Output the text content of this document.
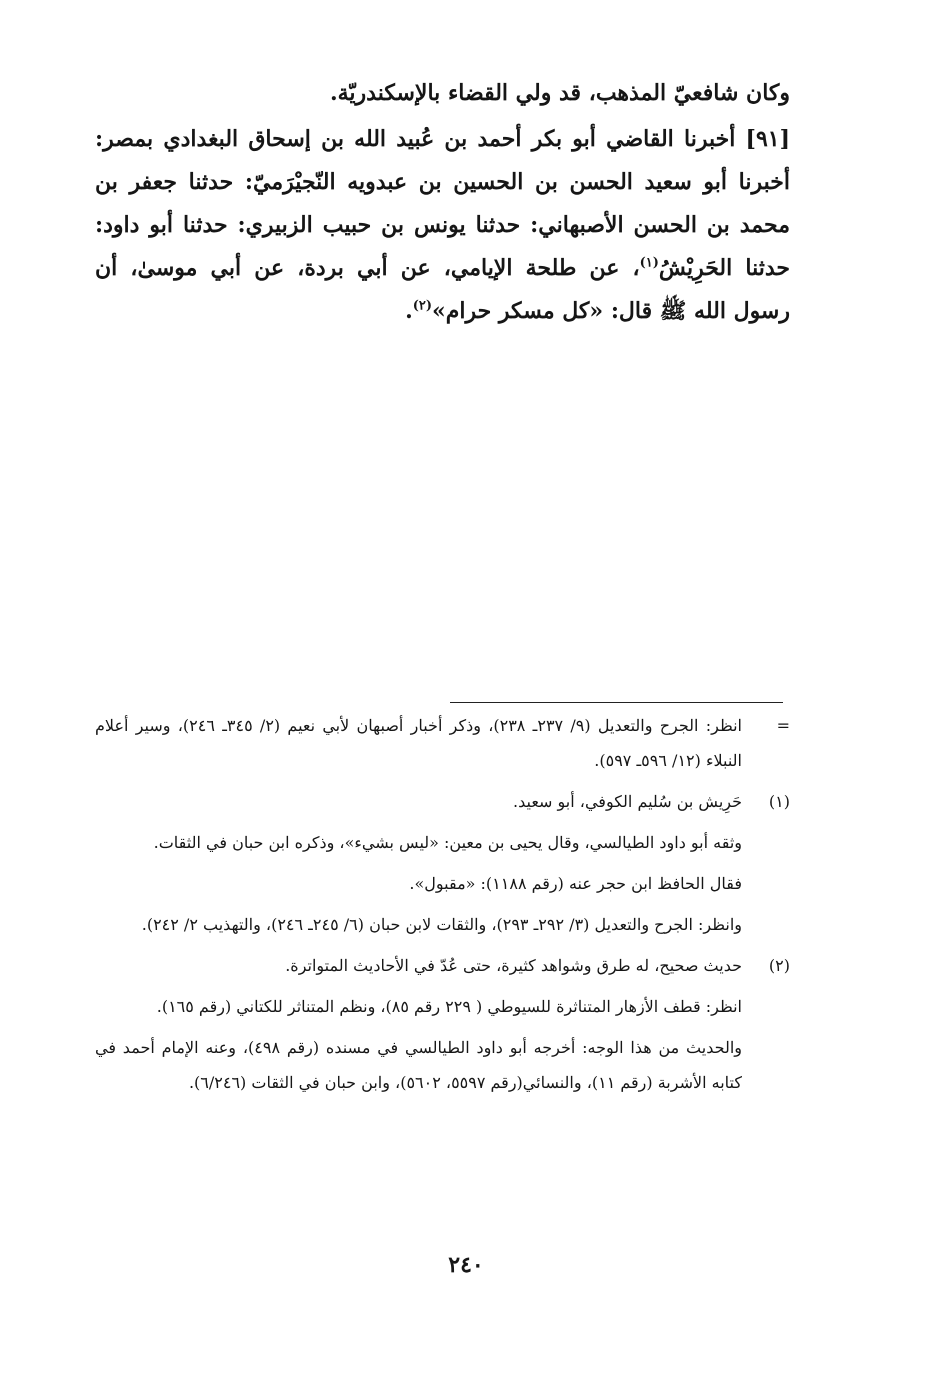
وكان شافعيّ المذهب، قد ولي القضاء بالإسكندريّة.

[٩١] أخبرنا القاضي أبو بكر أحمد بن عُبيد الله بن إسحاق البغدادي بمصر: أخبرنا أبو سعيد الحسن بن الحسين بن عبدويه النّجيْرَميّ: حدثنا جعفر بن محمد بن الحسن الأصبهاني: حدثنا يونس بن حبيب الزبيري: حدثنا أبو داود: حدثنا الحَرِيْشُ$^{(١)}$، عن طلحة الإيامي، عن أبي بردة، عن أبي موسىٰ، أن رسول الله ﷺ قال: «كل مسكر حرام»$^{(٢)}$.

=

انظر: الجرح والتعديل (٩/ ٢٣٧ـ ٢٣٨)، وذكر أخبار أصبهان لأبي نعيم (٢/ ٣٤٥ـ ٢٤٦)، وسير أعلام النبلاء (١٢/ ٥٩٦ـ ٥٩٧).

(١)

حَرِيش بن سُليم الكوفي، أبو سعيد.

وثقه أبو داود الطيالسي، وقال يحيى بن معين: «ليس بشيء»، وذكره ابن حبان في الثقات.

فقال الحافظ ابن حجر عنه (رقم ١١٨٨): «مقبول».

وانظر: الجرح والتعديل (٣/ ٢٩٢ـ ٢٩٣)، والثقات لابن حبان (٦/ ٢٤٥ـ ٢٤٦)، والتهذيب ٢/ ٢٤٢).

(٢)

حديث صحيح، له طرق وشواهد كثيرة، حتى عُدّ في الأحاديث المتواترة.

انظر: قطف الأزهار المتناثرة للسيوطي ( ٢٢٩ رقم ٨٥)، ونظم المتناثر للكتاني (رقم ١٦٥).

والحديث من هذا الوجه: أخرجه أبو داود الطيالسي في مسنده (رقم ٤٩٨)، وعنه الإمام أحمد في كتابه الأشربة (رقم ١١)، والنسائي(رقم ٥٥٩٧، ٥٦٠٢)، وابن حبان في الثقات (٦/٢٤٦).

٢٤٠
